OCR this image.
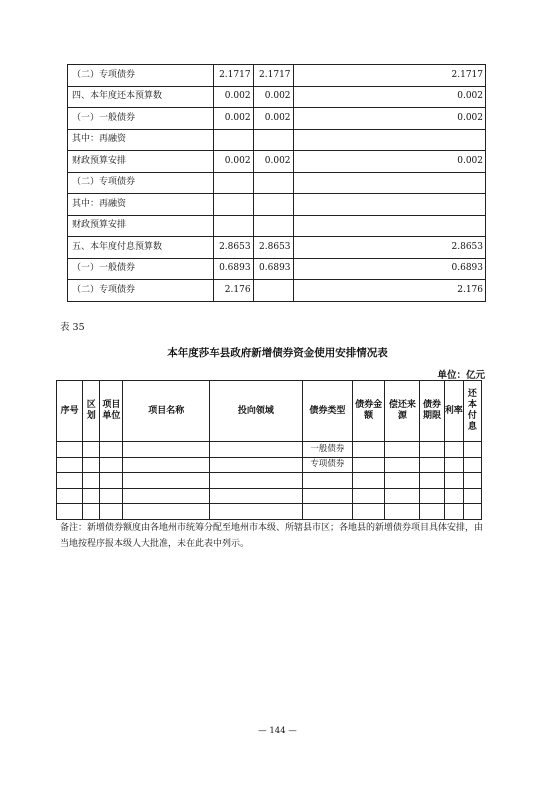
（二）专项债券	2.1717	2.1717	2.1717
四、本年度还本预算数	0.002	0.002	0.002
（一）一般债券	0.002	0.002	0.002
其中：再融资			
财政预算安排	0.002	0.002	0.002
（二）专项债券			
其中：再融资			
财政预算安排			
五、本年度付息预算数	2.8653	2.8653	2.8653
（一）一般债券	0.6893	0.6893	0.6893
（二）专项债券	2.176		2.176
表 35
本年度莎车县政府新增债券资金使用安排情况表
单位：亿元
序号	区划	项目单位	项目名称	投向领域	债券类型	债券金额	偿还来源	债券期限	利率	还本付息
					一般债券					
					专项债券					

备注：新增债券额度由各地州市统筹分配至地州市本级、所辖县市区；各地县的新增债券项目具体安排，由当地按程序报本级人大批准，未在此表中列示。
— 144 —
